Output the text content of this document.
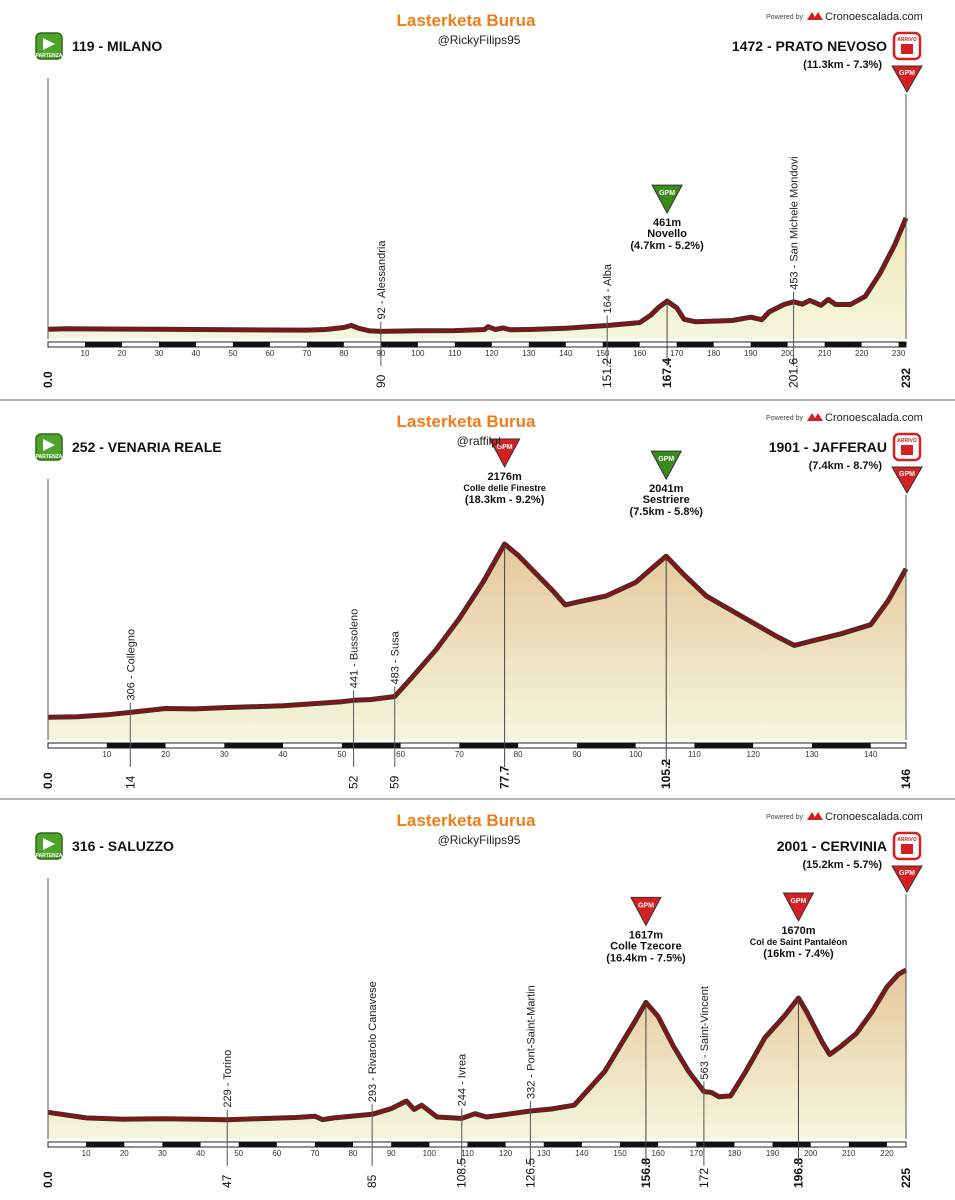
10	20	30	40	50	60	70	80	90	100	110	120	130	140	150	160	170	180	190	200	210	220	230
92 - Alessandria	164 - Alba	453 - San Michele Mondovi
0.0	90	151.2	167.4	201.6	232
GPM
461m
Novello
(4.7km - 5.2%)
PARTENZA
119 - MILANO	1472 - PRATO NEVOSO ARRIVO
(11.3km - 7.3%)
GPM
Lasterketa Burua
@RickyFilips95
Powered by Cronoescalada.com
10	20	30	40	50	60	70	80	90	100	110	120	130	140
306 - Collegno	441 - Bussoleno	483 - Susa
0.0	14	52 59	77.7	105.2	146
GPM
2176m
Colle delle Finestre
(18.3km - 9.2%)
GPM
2041m
Sestriere
(7.5km - 5.8%)
PARTENZA
252 - VENARIA REALE	1901 - JAFFERAU ARRIVO
(7.4km - 8.7%)
GPM
Lasterketa Burua
@raffilpt
Powered by Cronoescalada.com
10	20	30	40	50	60	70	80	90	100	110	120	130	140	150	160	170	180	190	200	210	220
229 - Torino	293 - Rivarolo Canavese	244 - Ivrea	332 - Pont-Saint-Martin	563 - Saint-Vincent
0.0	47	85	108.5	126.5	156.8	172	196.8	225
GPM
1617m
Colle Tzecore
(16.4km - 7.5%)
GPM
1670m
Col de Saint Pantaléon
(16km - 7.4%)
PARTENZA
316 - SALUZZO	2001 - CERVINIA ARRIVO
(15.2km - 5.7%)
GPM
Lasterketa Burua
@RickyFilips95
Powered by Cronoescalada.com
